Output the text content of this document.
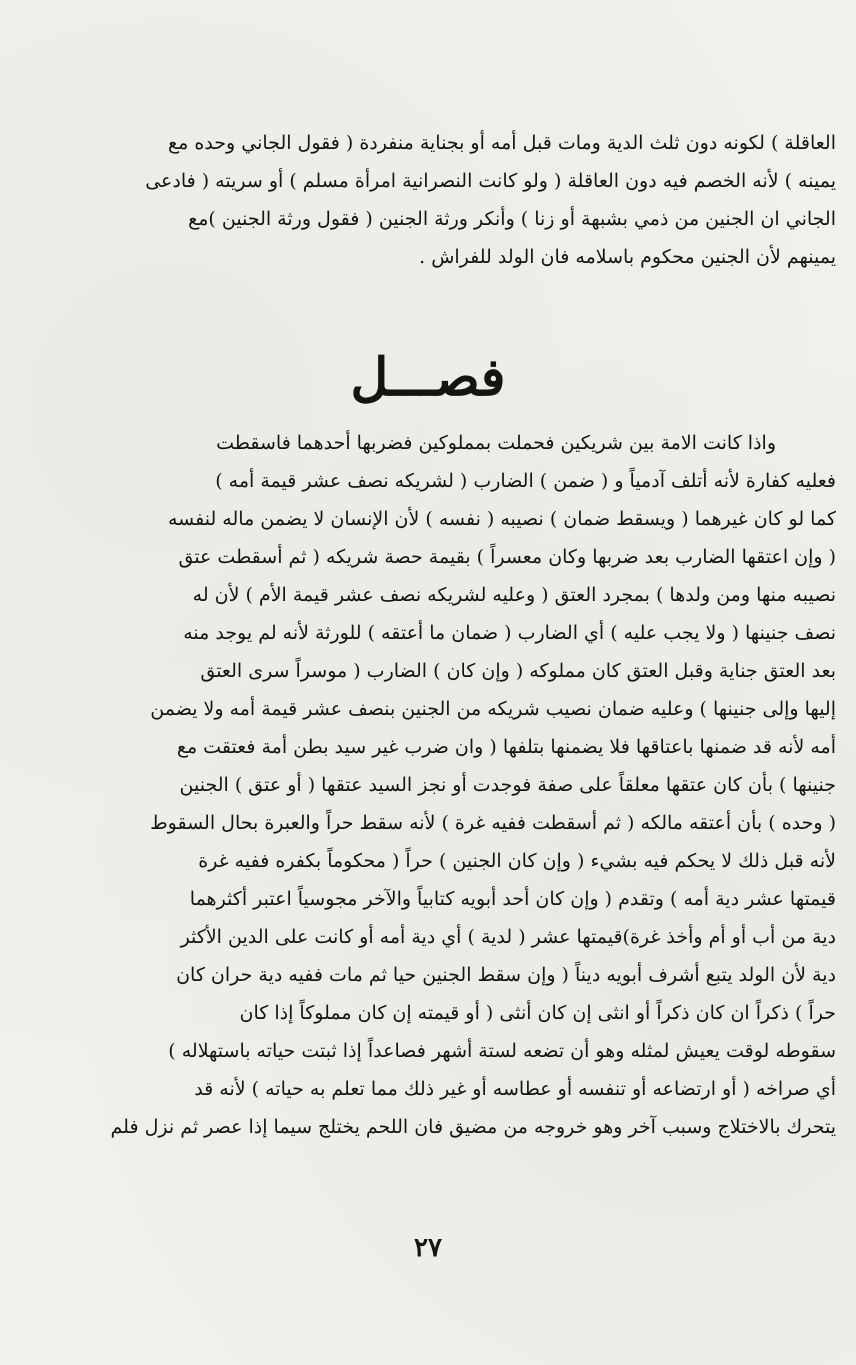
العاقلة ) لكونه دون ثلث الدية ومات قبل أمه أو بجناية منفردة ( فقول الجاني وحده مع
يمينه ) لأنه الخصم فيه دون العاقلة ( ولو كانت النصرانية امرأة مسلم ) أو سريته ( فادعى
الجاني ان الجنين من ذمي بشبهة أو زنا ) وأنكر ورثة الجنين ( فقول ورثة الجنين )مع
يمينهم لأن الجنين محكوم باسلامه فان الولد للفراش .
فصـــل
واذا كانت الامة بين شريكين فحملت بمملوكين فضربها أحدهما فاسقطت
فعليه كفارة لأنه أتلف آدمياً و ( ضمن ) الضارب ( لشريكه نصف عشر قيمة أمه )
كما لو كان غيرهما ( ويسقط ضمان ) نصيبه ( نفسه ) لأن الإنسان لا يضمن ماله لنفسه
( وإن اعتقها الضارب بعد ضربها وكان معسراً ) بقيمة حصة شريكه ( ثم أسقطت عتق
نصيبه منها ومن ولدها ) بمجرد العتق ( وعليه لشريكه نصف عشر قيمة الأم ) لأن له
نصف جنينها ( ولا يجب عليه ) أي الضارب ( ضمان ما أعتقه ) للورثة لأنه لم يوجد منه
بعد العتق جناية وقبل العتق كان مملوكه ( وإن كان ) الضارب ( موسراً سرى العتق
إليها وإلى جنينها ) وعليه ضمان نصيب شريكه من الجنين بنصف عشر قيمة أمه ولا يضمن
أمه لأنه قد ضمنها باعتاقها فلا يضمنها بتلفها ( وان ضرب غير سيد بطن أمة فعتقت مع
جنينها ) بأن كان عتقها معلقاً على صفة فوجدت أو نجز السيد عتقها ( أو عتق ) الجنين
( وحده ) بأن أعتقه مالكه ( ثم أسقطت ففيه غرة ) لأنه سقط حراً والعبرة بحال السقوط
لأنه قبل ذلك لا يحكم فيه بشيء ( وإن كان الجنين ) حراً ( محكوماً بكفره ففيه غرة
قيمتها عشر دية أمه ) وتقدم ( وإن كان أحد أبويه كتابياً والآخر مجوسياً اعتبر أكثرهما
دية من أب أو أم وأخذ غرة)قيمتها عشر ( لدية ) أي دية أمه أو كانت على الدين الأكثر
دية لأن الولد يتبع أشرف أبويه ديناً ( وإن سقط الجنين حيا ثم مات ففيه دية حران كان
حراً ) ذكراً ان كان ذكراً أو انثى إن كان أنثى ( أو قيمته إن كان مملوكاً إذا كان
سقوطه لوقت يعيش لمثله وهو أن تضعه لستة أشهر فصاعداً إذا ثبتت حياته باستهلاله )
أي صراخه ( أو ارتضاعه أو تنفسه أو عطاسه أو غير ذلك مما تعلم به حياته ) لأنه قد
يتحرك بالاختلاج وسبب آخر وهو خروجه من مضيق فان اللحم يختلج سيما إذا عصر ثم نزل فلم
٢٧
